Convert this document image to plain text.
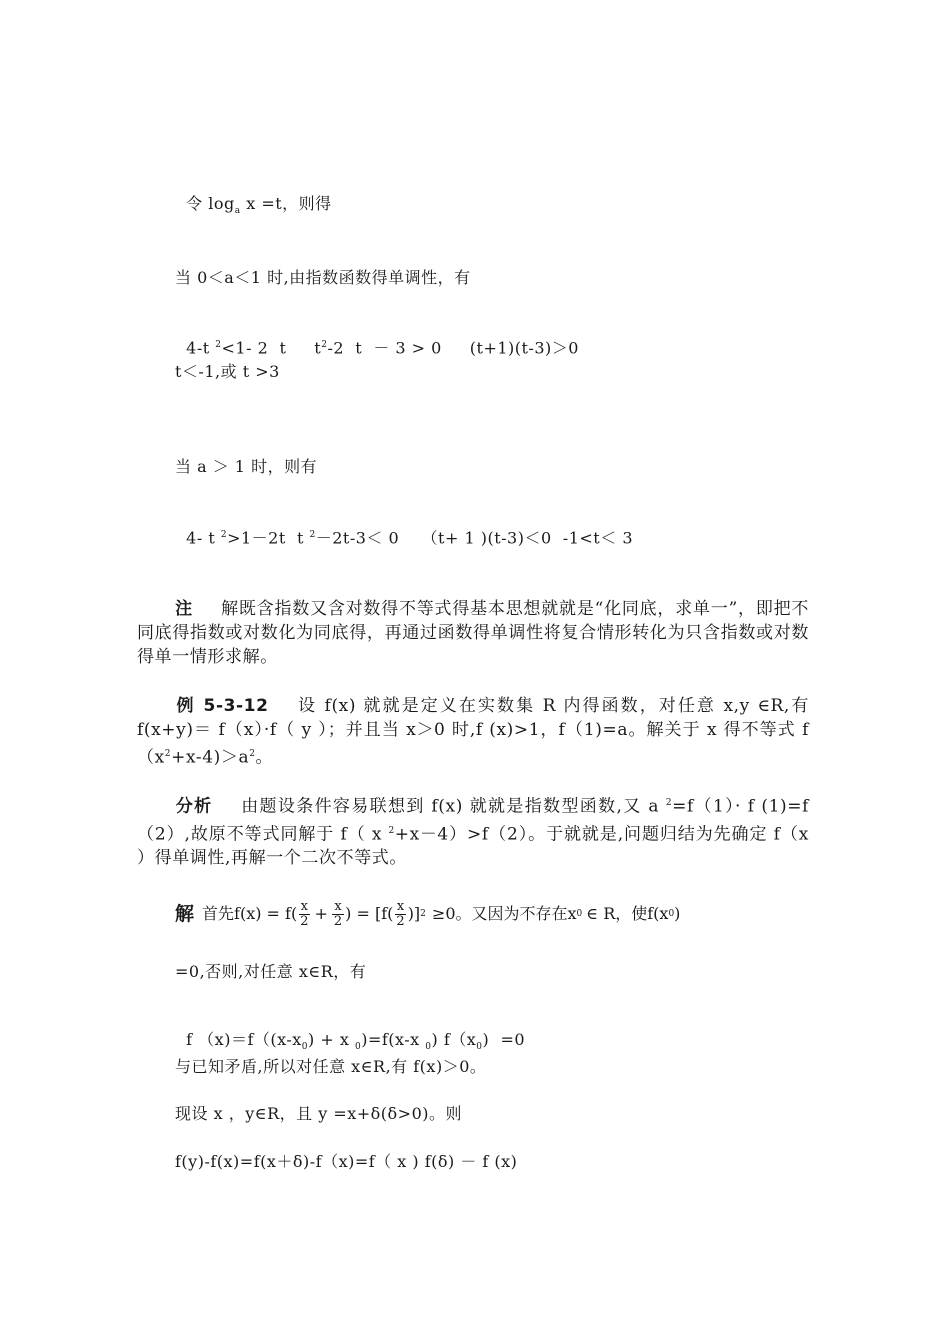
令 $\log_a x =t$，则得

当 0＜a＜1 时,由指数函数得单调性，有

4-t $^2$<1- 2  t     $t^2-2$  t  － 3 > 0     (t+1)(t-3)＞0

t＜-1,或 t >3
当 a ＞ 1 时，则有

4- t $^2$>1－2t  t $^2$－2t-3＜ 0    （t+ 1 )(t-3)＜0  -1<t＜ 3

注 解既含指数又含对数得不等式得基本思想就就是“化同底，求单一”，即把不同底得指数或对数化为同底得，再通过函数得单调性将复合情形转化为只含指数或对数得单一情形求解。
例 5-3-12 设 f(x) 就就是定义在实数集 R 内得函数，对任意 x,y ∈R,有 f(x+y)＝ f（x）·f（ y ）；并且当 x＞0 时,f (x)>1，f（1)=a。解关于 x 得不等式 $f(x^2+x-4)>a^2$。
分析 由题设条件容易联想到 f(x) 就就是指数型函数,又 a $^2$=f（1）· f (1)=f（2）,故原不等式同解于 f（ x $^2$+x－4）>f（2）。于就就是,问题归结为先确定 f（x ）得单调性,再解一个二次不等式。
解 首先 $f(x) = f( \frac{x}{2} + \frac{x}{2}$ ) = [$f( \frac{x}{2}$ )] 2 ≥0。又因为不存在 x 0 ∈ R，使 f(x 0 )
=0,否则,对任意 x∈R，有

f $(x)=f((x-x_0) + x$ $_0$)=f(x-x $_0$) $f(x_0) =0$

与已知矛盾,所以对任意 x∈R,有 f(x)＞0。
现设 x ，y∈R，且 y =x+δ(δ>0)。则
f(y)-f(x)=f(x＋δ)-f（x)=f（ x ) f(δ) － f (x)
